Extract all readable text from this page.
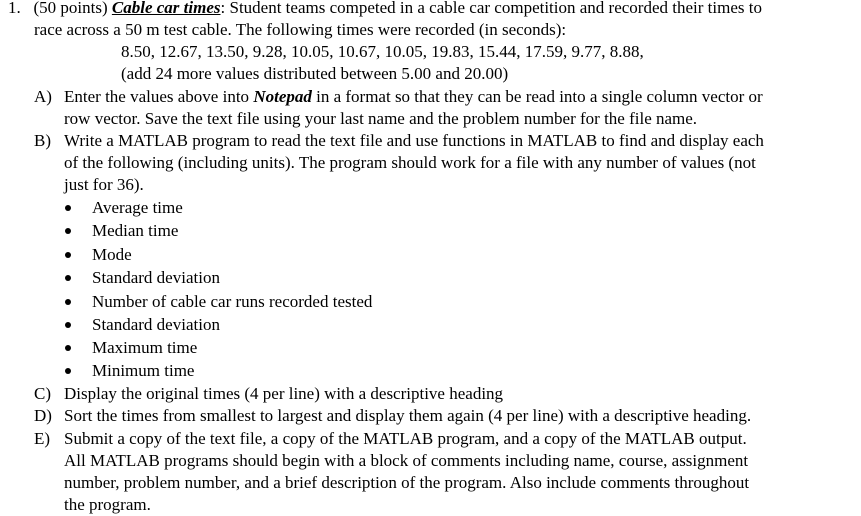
1. (50 points) Cable car times: Student teams competed in a cable car competition and recorded their times to
race across a 50 m test cable. The following times were recorded (in seconds):
8.50, 12.67, 13.50, 9.28, 10.05, 10.67, 10.05, 19.83, 15.44, 17.59, 9.77, 8.88,
(add 24 more values distributed between 5.00 and 20.00)
A) Enter the values above into Notepad in a format so that they can be read into a single column vector or
row vector. Save the text file using your last name and the problem number for the file name.
B) Write a MATLAB program to read the text file and use functions in MATLAB to find and display each
of the following (including units). The program should work for a file with any number of values (not
just for 36).
Average time
Median time
Mode
Standard deviation
Number of cable car runs recorded tested
Standard deviation
Maximum time
Minimum time
C) Display the original times (4 per line) with a descriptive heading
D) Sort the times from smallest to largest and display them again (4 per line) with a descriptive heading.
E) Submit a copy of the text file, a copy of the MATLAB program, and a copy of the MATLAB output.
All MATLAB programs should begin with a block of comments including name, course, assignment
number, problem number, and a brief description of the program. Also include comments throughout
the program.
